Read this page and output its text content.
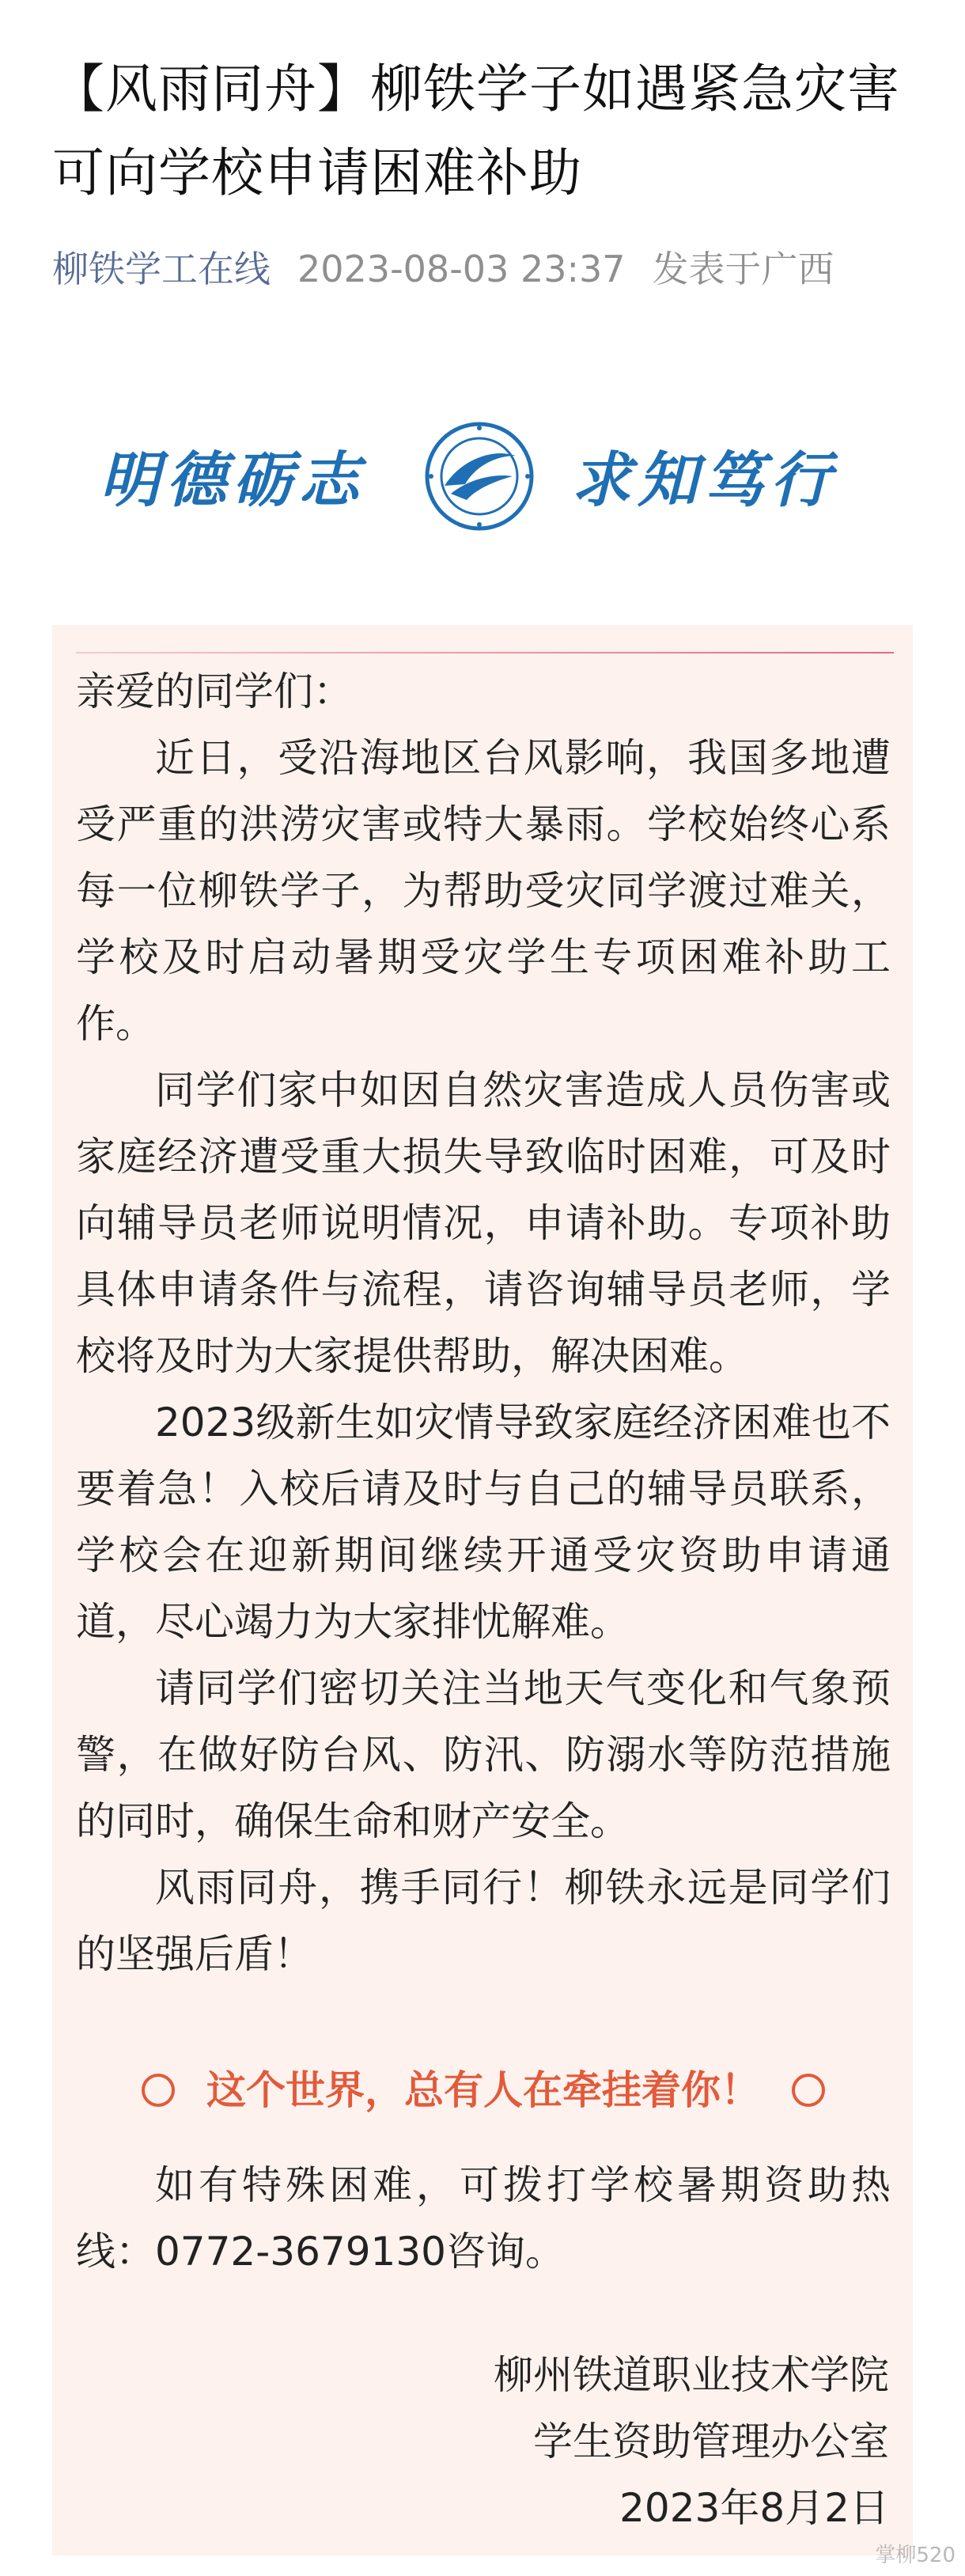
【风雨同舟】柳铁学子如遇紧急灾害可向学校申请困难补助
柳铁学工在线 2023-08-03 23:37 发表于广西
明德砺志	求知笃行

亲爱的同学们：

近日，受沿海地区台风影响，我国多地遭受严重的洪涝灾害或特大暴雨。学校始终心系每一位柳铁学子，为帮助受灾同学渡过难关，学校及时启动暑期受灾学生专项困难补助工作。

同学们家中如因自然灾害造成人员伤害或家庭经济遭受重大损失导致临时困难，可及时向辅导员老师说明情况，申请补助。专项补助具体申请条件与流程，请咨询辅导员老师，学校将及时为大家提供帮助，解决困难。

2023级新生如灾情导致家庭经济困难也不要着急！入校后请及时与自己的辅导员联系，学校会在迎新期间继续开通受灾资助申请通道，尽心竭力为大家排忧解难。

请同学们密切关注当地天气变化和气象预警，在做好防台风、防汛、防溺水等防范措施的同时，确保生命和财产安全。

风雨同舟，携手同行！柳铁永远是同学们的坚强后盾！

这个世界，总有人在牵挂着你！

如有特殊困难，可拨打学校暑期资助热线：0772-3679130咨询。

柳州铁道职业技术学院
学生资助管理办公室
2023年8月2日
掌柳520
